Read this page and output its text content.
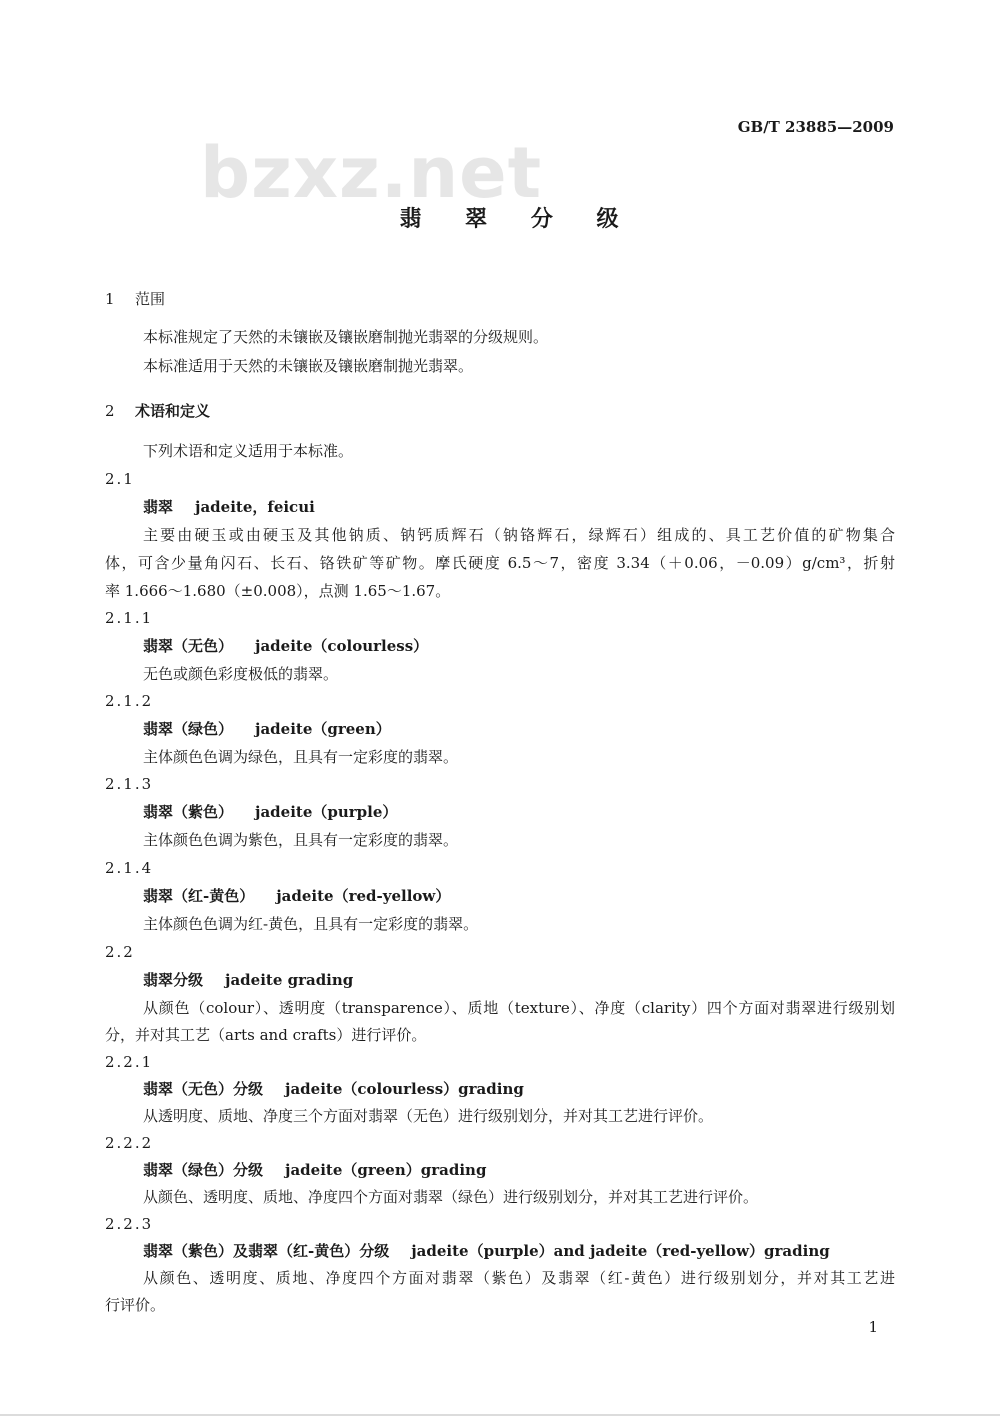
bzxz.net
GB/T 23885—2009
翡 翠 分 级
1 范围
本标准规定了天然的未镶嵌及镶嵌磨制抛光翡翠的分级规则。
本标准适用于天然的未镶嵌及镶嵌磨制抛光翡翠。
2 术语和定义
下列术语和定义适用于本标准。
2.1
翡翠 jadeite，feicui
主要由硬玉或由硬玉及其他钠质、钠钙质辉石（钠铬辉石，绿辉石）组成的、具工艺价值的矿物集合
体，可含少量角闪石、长石、铬铁矿等矿物。摩氏硬度 6.5～7，密度 3.34（＋0.06，－0.09）g/cm³，折射
率 1.666～1.680（±0.008），点测 1.65～1.67。
2.1.1
翡翠（无色） jadeite（colourless）
无色或颜色彩度极低的翡翠。
2.1.2
翡翠（绿色） jadeite（green）
主体颜色色调为绿色，且具有一定彩度的翡翠。
2.1.3
翡翠（紫色） jadeite（purple）
主体颜色色调为紫色，且具有一定彩度的翡翠。
2.1.4
翡翠（红-黄色） jadeite（red-yellow）
主体颜色色调为红-黄色，且具有一定彩度的翡翠。
2.2
翡翠分级 jadeite grading
从颜色（colour）、透明度（transparence）、质地（texture）、净度（clarity）四个方面对翡翠进行级别划
分，并对其工艺（arts and crafts）进行评价。
2.2.1
翡翠（无色）分级 jadeite（colourless）grading
从透明度、质地、净度三个方面对翡翠（无色）进行级别划分，并对其工艺进行评价。
2.2.2
翡翠（绿色）分级 jadeite（green）grading
从颜色、透明度、质地、净度四个方面对翡翠（绿色）进行级别划分，并对其工艺进行评价。
2.2.3
翡翠（紫色）及翡翠（红-黄色）分级 jadeite（purple）and jadeite（red-yellow）grading
从颜色、透明度、质地、净度四个方面对翡翠（紫色）及翡翠（红-黄色）进行级别划分，并对其工艺进
行评价。
1
